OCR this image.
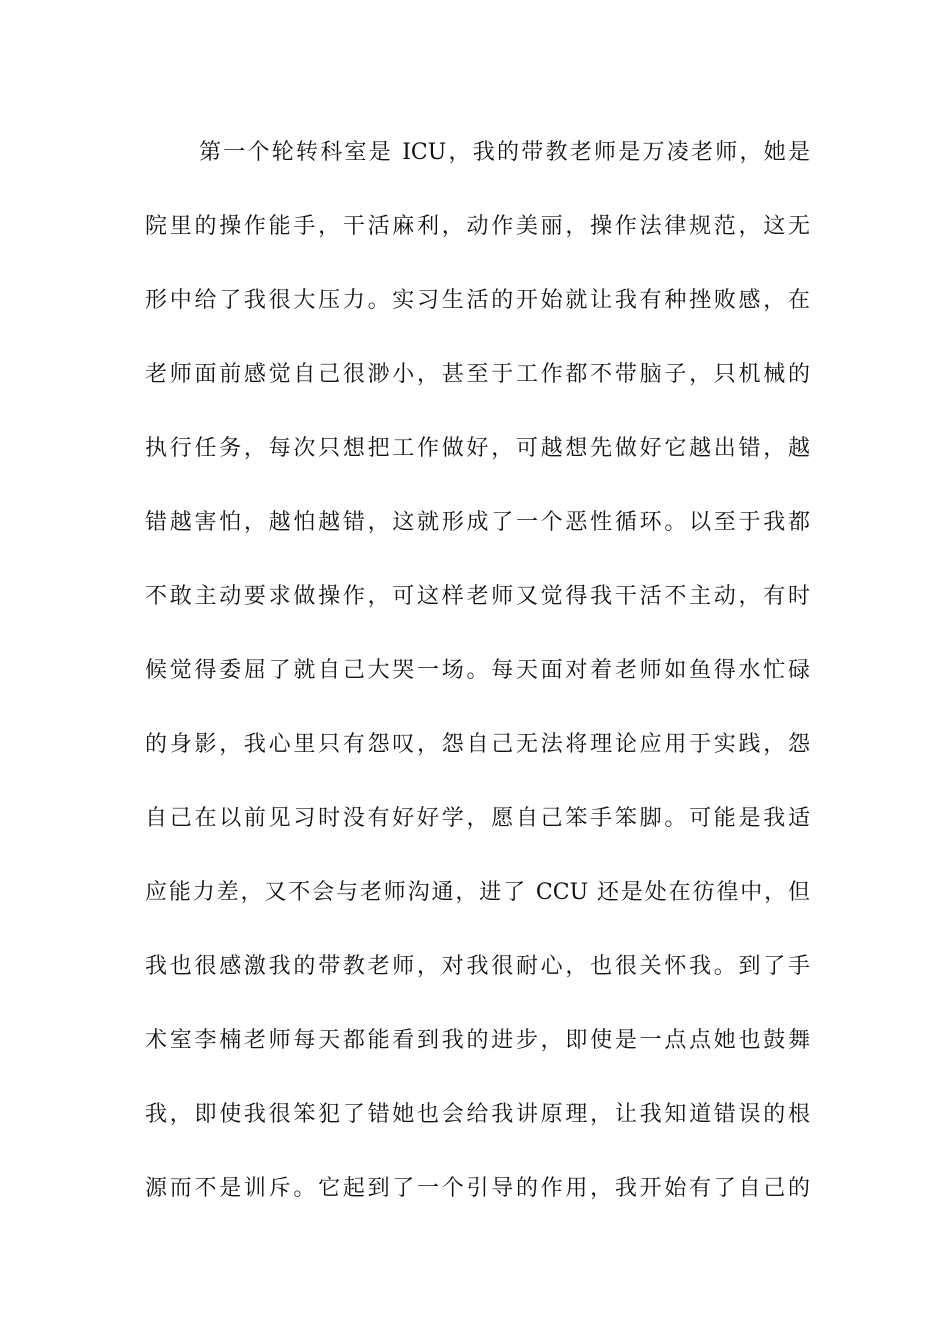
第一个轮转科室是 ICU，我的带教老师是万凌老师，她是
院里的操作能手，干活麻利，动作美丽，操作法律规范，这无
形中给了我很大压力。实习生活的开始就让我有种挫败感，在
老师面前感觉自己很渺小，甚至于工作都不带脑子，只机械的
执行任务，每次只想把工作做好，可越想先做好它越出错，越
错越害怕，越怕越错，这就形成了一个恶性循环。以至于我都
不敢主动要求做操作，可这样老师又觉得我干活不主动，有时
候觉得委屈了就自己大哭一场。每天面对着老师如鱼得水忙碌
的身影，我心里只有怨叹，怨自己无法将理论应用于实践，怨
自己在以前见习时没有好好学，愿自己笨手笨脚。可能是我适
应能力差，又不会与老师沟通，进了 CCU 还是处在彷徨中，但
我也很感激我的带教老师，对我很耐心，也很关怀我。到了手
术室李楠老师每天都能看到我的进步，即使是一点点她也鼓舞
我，即使我很笨犯了错她也会给我讲原理，让我知道错误的根
源而不是训斥。它起到了一个引导的作用，我开始有了自己的
